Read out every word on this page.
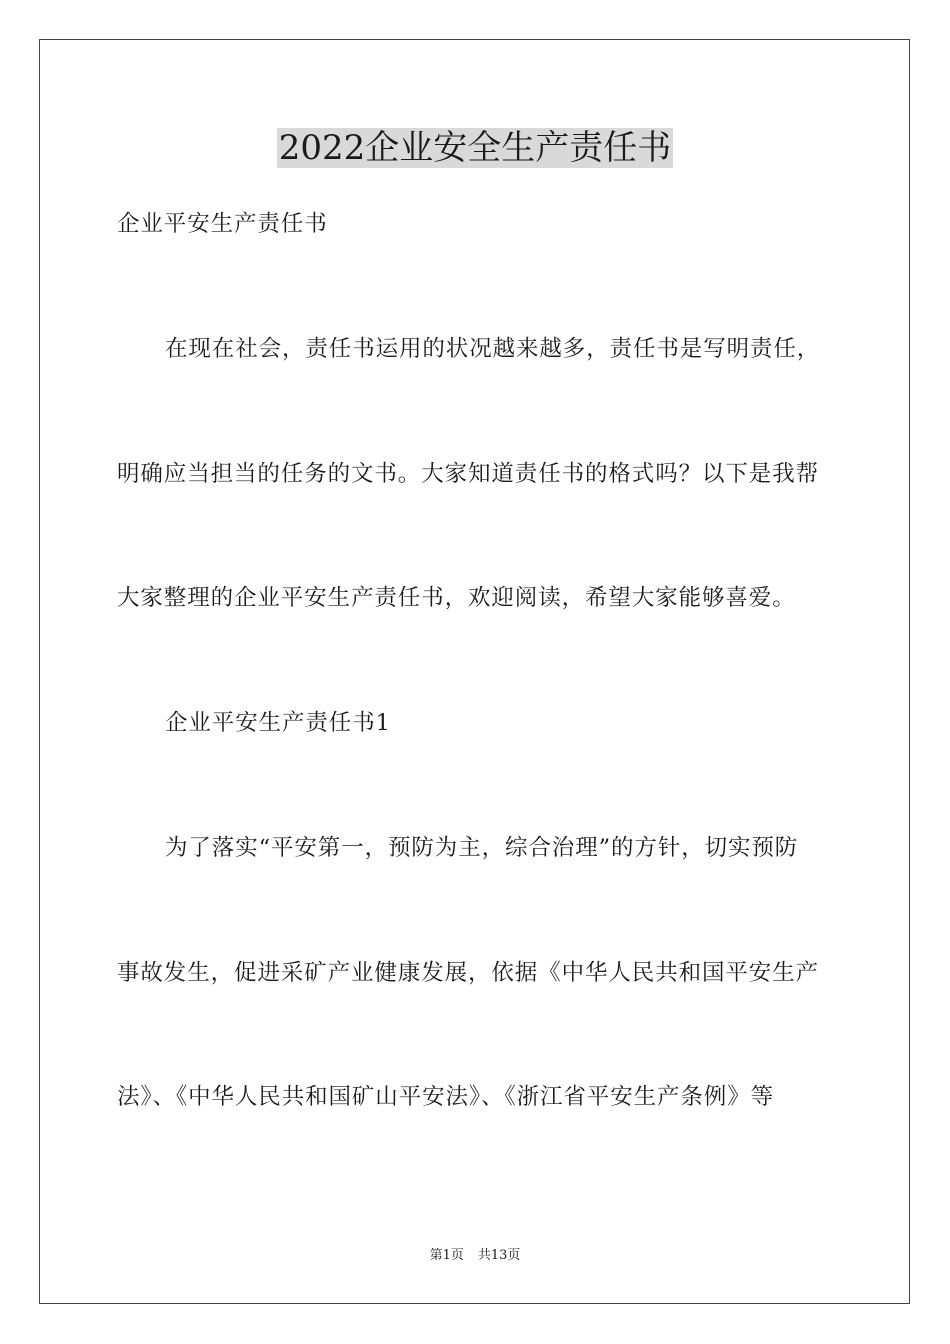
2022企业安全生产责任书
企业平安生产责任书
在现在社会，责任书运用的状况越来越多，责任书是写明责任，
明确应当担当的任务的文书。大家知道责任书的格式吗？以下是我帮
大家整理的企业平安生产责任书，欢迎阅读，希望大家能够喜爱。
企业平安生产责任书1
为了落实“平安第一，预防为主，综合治理”的方针，切实预防
事故发生，促进采矿产业健康发展，依据《中华人民共和国平安生产
法》、《中华人民共和国矿山平安法》、《浙江省平安生产条例》等
第1页 共13页
